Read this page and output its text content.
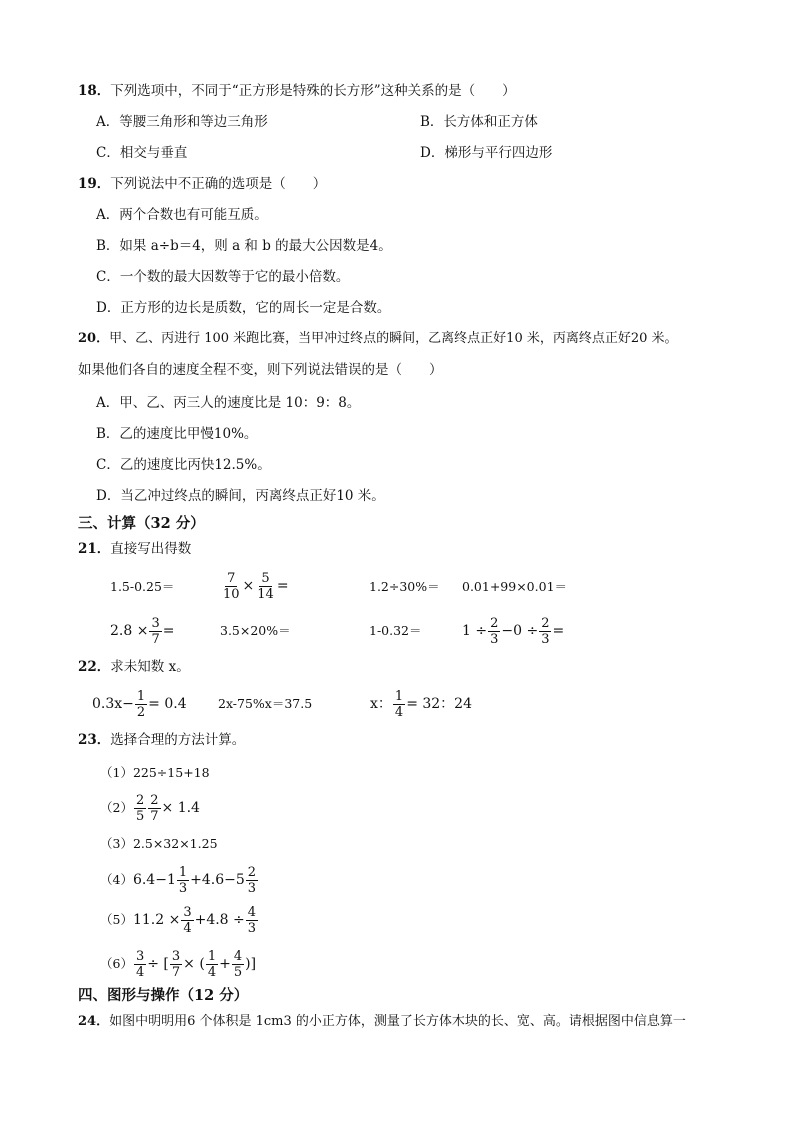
18．下列选项中，不同于“正方形是特殊的长方形”这种关系的是（　　）
A．等腰三角形和等边三角形	B．长方体和正方体
C．相交与垂直	D．梯形与平行四边形
19．下列说法中不正确的选项是（　　）
A．两个合数也有可能互质。
B．如果 a÷b＝4，则 a 和 b 的最大公因数是4。
C．一个数的最大因数等于它的最小倍数。
D．正方形的边长是质数，它的周长一定是合数。
20．甲、乙、丙进行 100 米跑比赛，当甲冲过终点的瞬间，乙离终点正好10 米，丙离终点正好20 米。
如果他们各自的速度全程不变，则下列说法错误的是（　　）
A．甲、乙、丙三人的速度比是 10：9：8。
B．乙的速度比甲慢10%。
C．乙的速度比丙快12.5%。
D．当乙冲过终点的瞬间，丙离终点正好10 米。
三、计算（32 分）
21．直接写出得数
1.5-0.25＝	$\frac{7}{10} \times \frac{5}{14}$ =	1.2÷30%＝ 0.01+99×0.01＝
$2.8 \times \frac{3}{7}$ =	3.5×20%＝	1-0.32＝	$1 \div \frac{2}{3} -0 \div \frac{2}{3}$ =
22．求未知数 x。
$0.3x- \frac{1}{2} = 0.4$	2x-75%x＝37.5	x： $\frac{1}{4} = 32$：24
23．选择合理的方法计算。
（1）225÷15+18
$(2) \frac{2}{5} \frac{2}{7} \times 1.4$
（3）2.5×32×1.25
（4） $6.4-1 \frac{1}{3} +4.6-5 \frac{2}{3}$
（5） $11.2 \times \frac{3}{4} +4.8 \div \frac{4}{3}$
$(6) \frac{3}{4}$ ÷ [ $\frac{3}{7}$ × ( $\frac{1}{4} + \frac{4}{5}$ )]
四、图形与操作（12 分）
24．如图中明明用6 个体积是 1cm3 的小正方体，测量了长方体木块的长、宽、高。请根据图中信息算一
